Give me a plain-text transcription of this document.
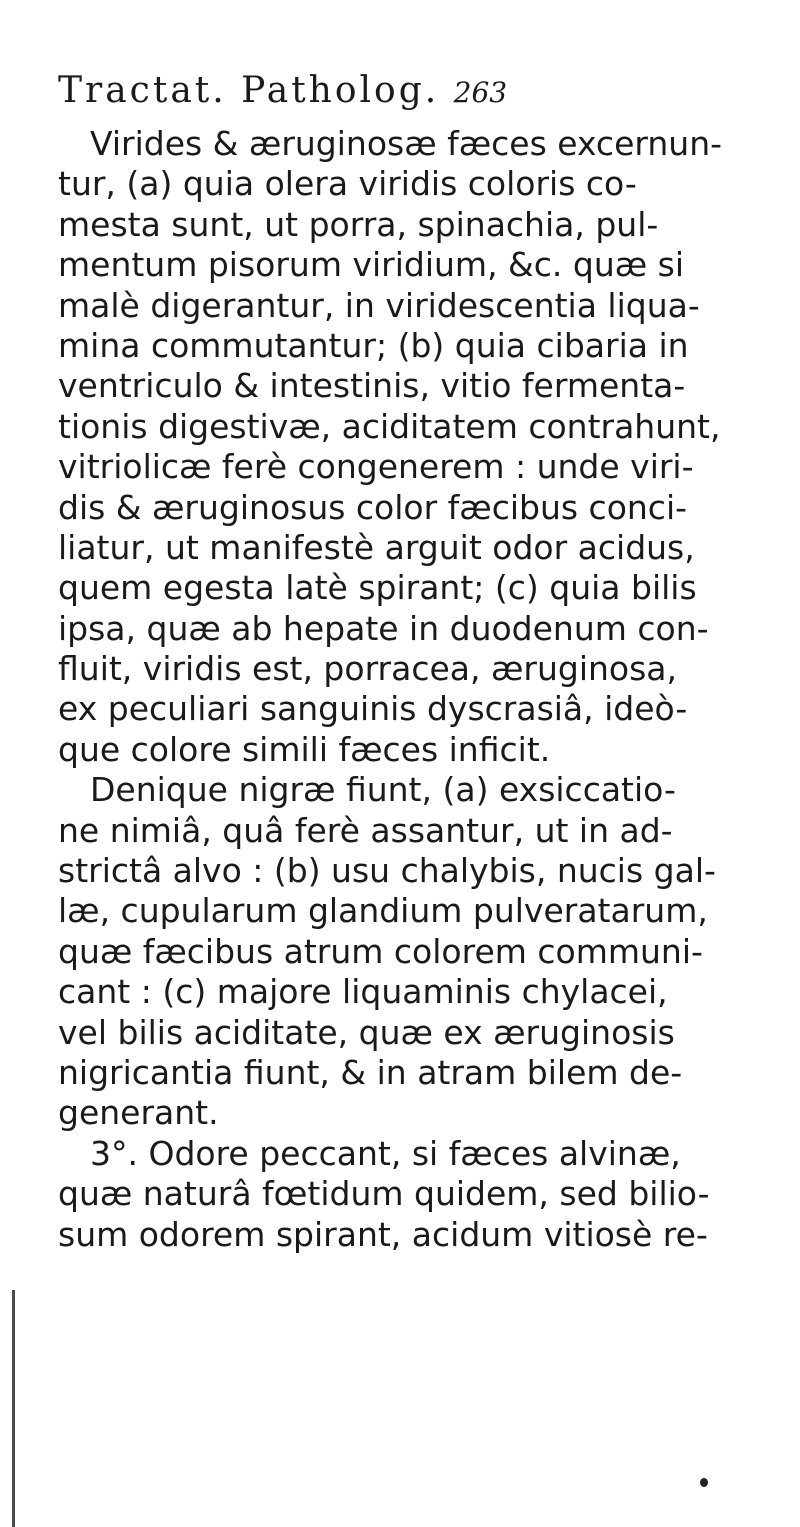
Tractat. Patholog. 263
Virides & æruginosæ fæces excernun-
tur, (a) quia olera viridis coloris co-
mesta sunt, ut porra, spinachia, pul-
mentum pisorum viridium, &c. quæ si
malè digerantur, in viridescentia liqua-
mina commutantur; (b) quia cibaria in
ventriculo & intestinis, vitio fermenta-
tionis digestivæ, aciditatem contrahunt,
vitriolicæ ferè congenerem : unde viri-
dis & æruginosus color fæcibus conci-
liatur, ut manifestè arguit odor acidus,
quem egesta latè spirant; (c) quia bilis
ipsa, quæ ab hepate in duodenum con-
fluit, viridis est, porracea, æruginosa,
ex peculiari sanguinis dyscrasiâ, ideò-
que colore simili fæces inficit.
Denique nigræ fiunt, (a) exsiccatio-
ne nimiâ, quâ ferè assantur, ut in ad-
strictâ alvo : (b) usu chalybis, nucis gal-
læ, cupularum glandium pulveratarum,
quæ fæcibus atrum colorem communi-
cant : (c) majore liquaminis chylacei,
vel bilis aciditate, quæ ex æruginosis
nigricantia fiunt, & in atram bilem de-
generant.
3°. Odore peccant, si fæces alvinæ,
quæ naturâ fœtidum quidem, sed bilio-
sum odorem spirant, acidum vitiosè re-
